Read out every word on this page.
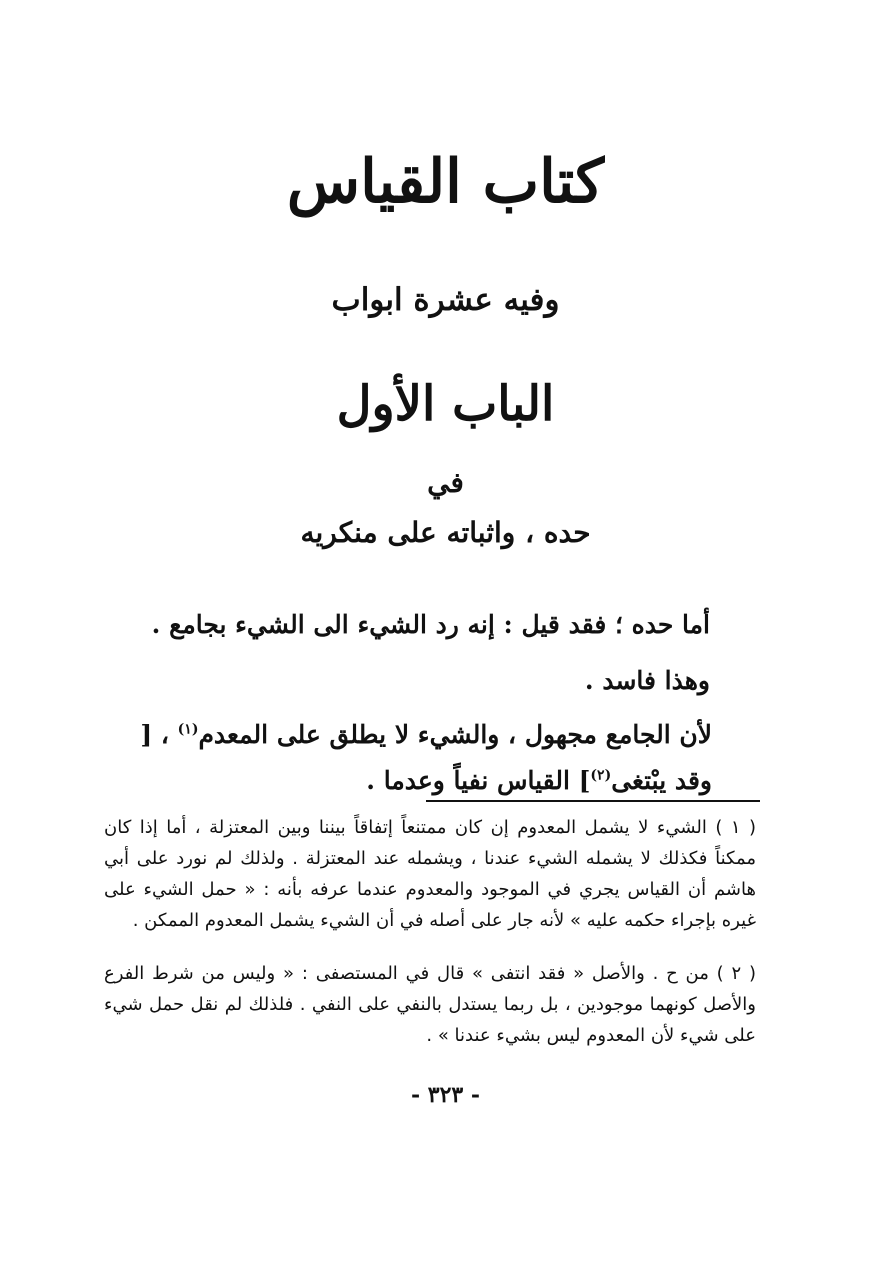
كتاب القياس
وفيه عشرة ابواب
الباب الأول
في
حده ، واثباته على منكريه
أما حده ؛ فقد قيل : إنه رد الشيء الى الشيء بجامع .
وهذا فاسد .
لأن الجامع مجهول ، والشيء لا يطلق على المعدم$^{(١)}$ ، [ وقد يبْتغى$^{(٢)}$] القياس نفياً وعدما .
( ١ ) الشيء لا يشمل المعدوم إن كان ممتنعاً إتفاقاً بيننا وبين المعتزلة ، أما إذا كان ممكناً فكذلك لا يشمله الشيء عندنا ، ويشمله عند المعتزلة . ولذلك لم نورد على أبي هاشم أن القياس يجري في الموجود والمعدوم عندما عرفه بأنه : « حمل الشيء على غيره بإجراء حكمه عليه » لأنه جار على أصله في أن الشيء يشمل المعدوم الممكن .
( ٢ ) من ح . والأصل « فقد انتفى » قال في المستصفى : « وليس من شرط الفرع والأصل كونهما موجودين ، بل ربما يستدل بالنفي على النفي . فلذلك لم نقل حمل شيء على شيء لأن المعدوم ليس بشيء عندنا » .
- ٣٢٣ -
